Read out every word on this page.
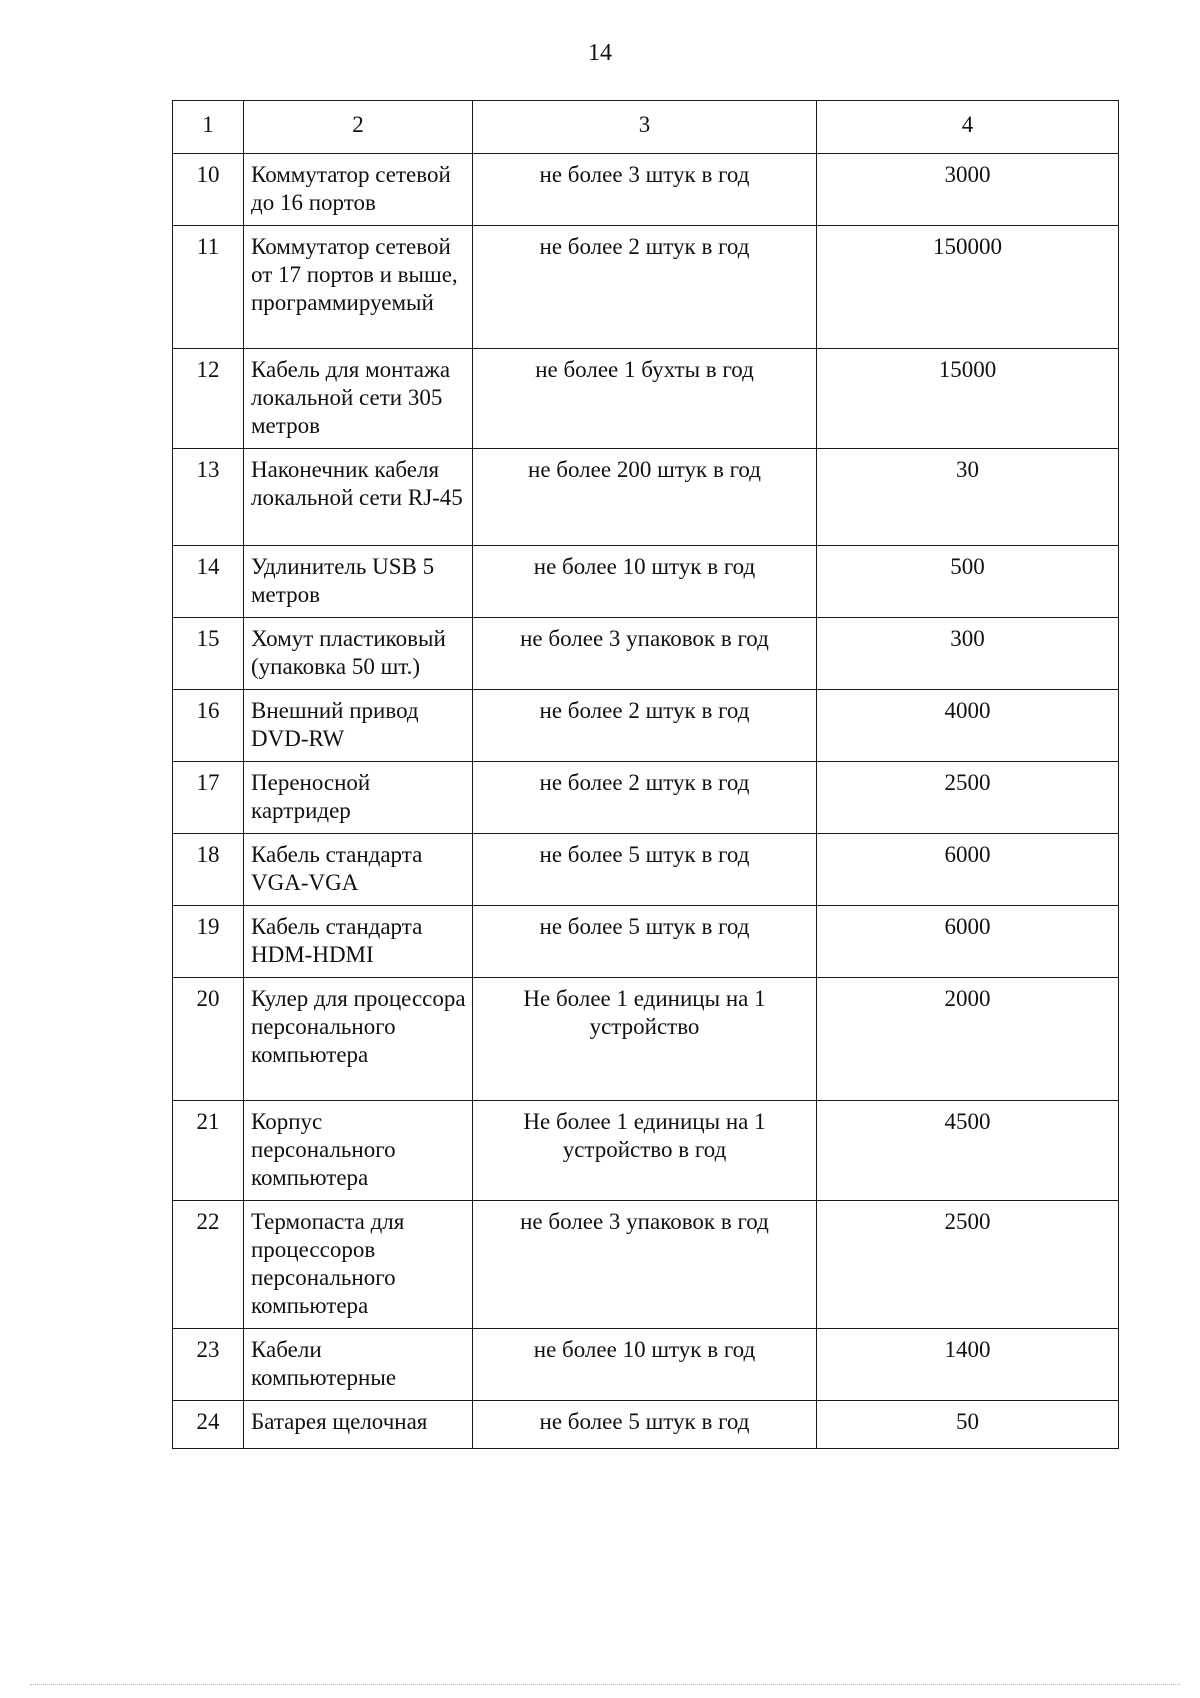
14
1	2	3	4
10	Коммутатор сетевой до 16 портов	не более 3 штук в год	3000
11	Коммутатор сетевой от 17 портов и выше, программируемый	не более 2 штук в год	150000
12	Кабель для монтажа локальной сети 305 метров	не более 1 бухты в год	15000
13	Наконечник кабеля локальной сети RJ-45	не более 200 штук в год	30
14	Удлинитель USB 5 метров	не более 10 штук в год	500
15	Хомут пластиковый (упаковка 50 шт.)	не более 3 упаковок в год	300
16	Внешний привод DVD-RW	не более 2 штук в год	4000
17	Переносной картридер	не более 2 штук в год	2500
18	Кабель стандарта VGA-VGA	не более 5 штук в год	6000
19	Кабель стандарта HDM-HDMI	не более 5 штук в год	6000
20	Кулер для процессора персонального компьютера	Не более 1 единицы на 1 устройство	2000
21	Корпус персонального компьютера	Не более 1 единицы на 1 устройство в год	4500
22	Термопаста для процессоров персонального компьютера	не более 3 упаковок в год	2500
23	Кабели компьютерные	не более 10 штук в год	1400
24	Батарея щелочная	не более 5 штук в год	50
